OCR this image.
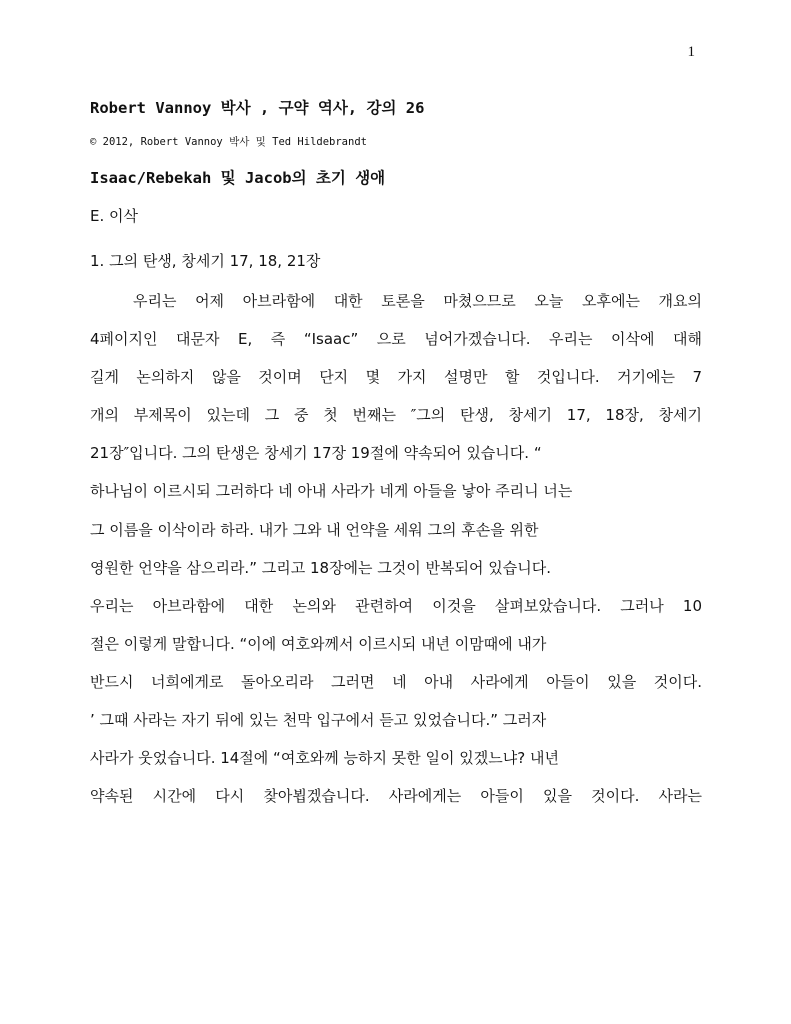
1
Robert Vannoy 박사 , 구약 역사, 강의 26
© 2012, Robert Vannoy 박사 및 Ted Hildebrandt
Isaac/Rebekah 및 Jacob의 초기 생애
E. 이삭
1. 그의 탄생, 창세기 17, 18, 21장
우리는 어제 아브라함에 대한 토론을 마쳤으므로 오늘 오후에는 개요의
4페이지인 대문자 E, 즉 “Isaac” 으로 넘어가겠습니다. 우리는 이삭에 대해
길게 논의하지 않을 것이며 단지 몇 가지 설명만 할 것입니다. 거기에는 7
개의 부제목이 있는데 그 중 첫 번째는 ″그의 탄생, 창세기 17, 18장, 창세기
21장″입니다. 그의 탄생은 창세기 17장 19절에 약속되어 있습니다. “
하나님이 이르시되 그러하다 네 아내 사라가 네게 아들을 낳아 주리니 너는
그 이름을 이삭이라 하라. 내가 그와 내 언약을 세워 그의 후손을 위한
영원한 언약을 삼으리라.” 그리고 18장에는 그것이 반복되어 있습니다.
우리는 아브라함에 대한 논의와 관련하여 이것을 살펴보았습니다. 그러나 10
절은 이렇게 말합니다. “이에 여호와께서 이르시되 내년 이맘때에 내가
반드시 너희에게로 돌아오리라 그러면 네 아내 사라에게 아들이 있을 것이다.
’ 그때 사라는 자기 뒤에 있는 천막 입구에서 듣고 있었습니다.” 그러자
사라가 웃었습니다. 14절에 “여호와께 능하지 못한 일이 있겠느냐? 내년
약속된 시간에 다시 찾아뵙겠습니다. 사라에게는 아들이 있을 것이다. 사라는
